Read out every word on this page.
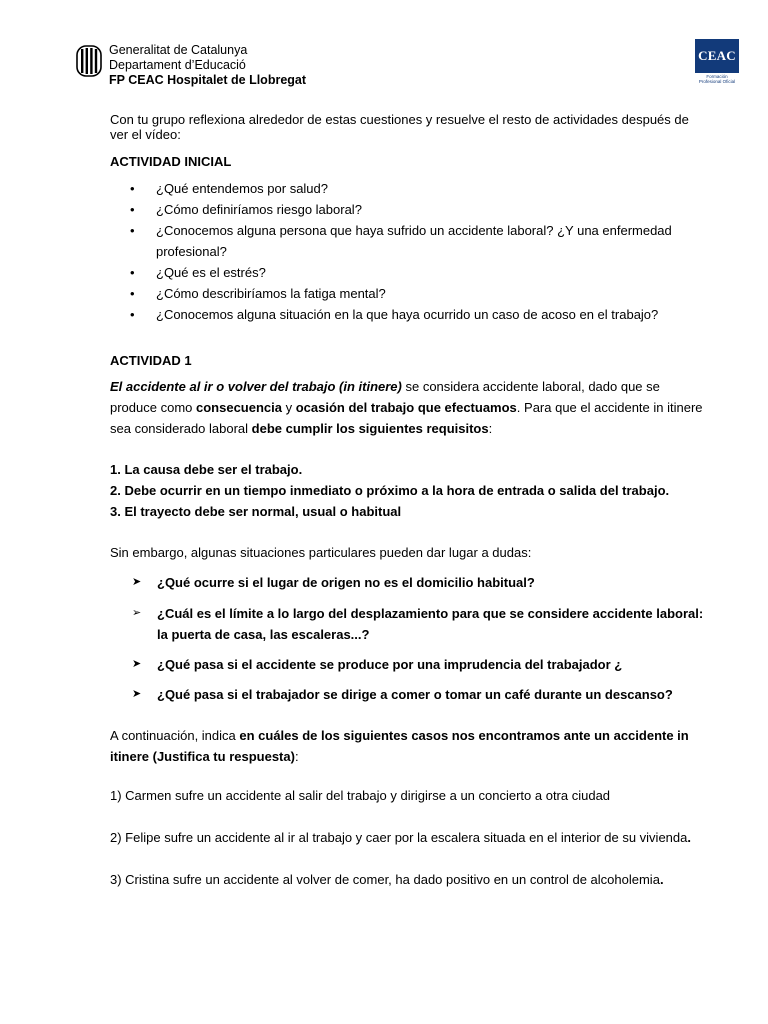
Generalitat de Catalunya
Departament d’Educació
FP CEAC Hospitalet de Llobregat
CEAC
Formación Profesional Oficial

Con tu grupo reflexiona alrededor de estas cuestiones y resuelve el resto de actividades después de ver el vídeo:

ACTIVIDAD INICIAL

• ¿Qué entendemos por salud?
• ¿Cómo definiríamos riesgo laboral?
• ¿Conocemos alguna persona que haya sufrido un accidente laboral? ¿Y una enfermedad profesional?
• ¿Qué es el estrés?
• ¿Cómo describiríamos la fatiga mental?
• ¿Conocemos alguna situación en la que haya ocurrido un caso de acoso en el trabajo?

ACTIVIDAD 1

El accidente al ir o volver del trabajo (in itinere) se considera accidente laboral, dado que se produce como consecuencia y ocasión del trabajo que efectuamos. Para que el accidente in itinere sea considerado laboral debe cumplir los siguientes requisitos:

1. La causa debe ser el trabajo.

2. Debe ocurrir en un tiempo inmediato o próximo a la hora de entrada o salida del trabajo.

3. El trayecto debe ser normal, usual o habitual

Sin embargo, algunas situaciones particulares pueden dar lugar a dudas:

➤ ¿Qué ocurre si el lugar de origen no es el domicilio habitual?
➢ ¿Cuál es el límite a lo largo del desplazamiento para que se considere accidente laboral: la puerta de casa, las escaleras...?
➤ ¿Qué pasa si el accidente se produce por una imprudencia del trabajador ¿
➤ ¿Qué pasa si el trabajador se dirige a comer o tomar un café durante un descanso?

A continuación, indica en cuáles de los siguientes casos nos encontramos ante un accidente in itinere (Justifica tu respuesta):

1) Carmen sufre un accidente al salir del trabajo y dirigirse a un concierto a otra ciudad

2) Felipe sufre un accidente al ir al trabajo y caer por la escalera situada en el interior de su vivienda.

3) Cristina sufre un accidente al volver de comer, ha dado positivo en un control de alcoholemia.
